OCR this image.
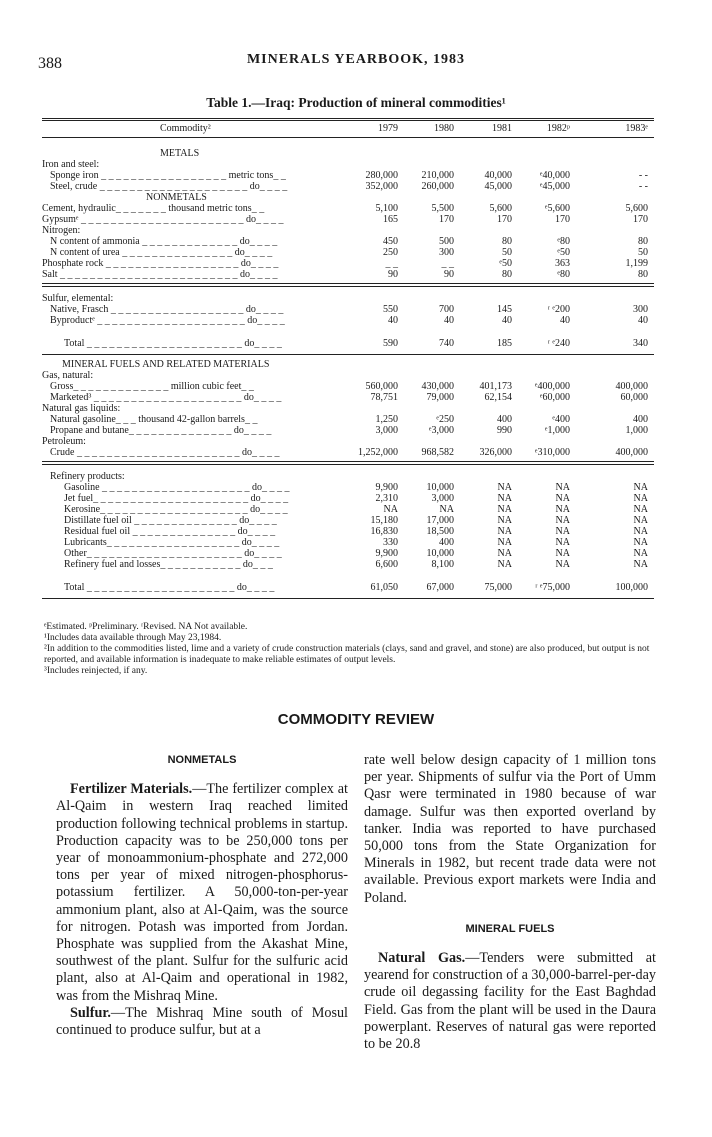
388	MINERALS YEARBOOK, 1983
Table 1.—Iraq: Production of mineral commodities¹
Commodity²	1979	1980	1981	1982ᵖ	1983ᵉ
METALS
Iron and steel:
Sponge iron _ _ _ _ _ _ _ _ _ _ _ _ _ _ _ _ _ metric tons_ _	280,000	210,000	40,000	ᵉ40,000	- -
Steel, crude _ _ _ _ _ _ _ _ _ _ _ _ _ _ _ _ _ _ _ _ do_ _ _ _	352,000	260,000	45,000	ᵉ45,000	- -
NONMETALS
Cement, hydraulic_ _ _ _ _ _ _ thousand metric tons_ _	5,100	5,500	5,600	ᵉ5,600	5,600
Gypsumᵉ _ _ _ _ _ _ _ _ _ _ _ _ _ _ _ _ _ _ _ _ _ _ do_ _ _ _	165	170	170	170	170
Nitrogen:
N content of ammonia _ _ _ _ _ _ _ _ _ _ _ _ _ do_ _ _ _	450	500	80	ᵉ80	80
N content of urea _ _ _ _ _ _ _ _ _ _ _ _ _ _ _ do_ _ _ _	250	300	50	ᵉ50	50
Phosphate rock _ _ _ _ _ _ _ _ _ _ _ _ _ _ _ _ _ _ do_ _ _ _	_ _	_ _	ᵉ50	363	1,199
Salt _ _ _ _ _ _ _ _ _ _ _ _ _ _ _ _ _ _ _ _ _ _ _ _ do_ _ _ _	90	90	80	ᵉ80	80
Sulfur, elemental:
Native, Frasch _ _ _ _ _ _ _ _ _ _ _ _ _ _ _ _ _ _ do_ _ _ _	550	700	145	ʳ ᵉ200	300
Byproductᵉ _ _ _ _ _ _ _ _ _ _ _ _ _ _ _ _ _ _ _ _ do_ _ _ _	40	40	40	40	40
Total _ _ _ _ _ _ _ _ _ _ _ _ _ _ _ _ _ _ _ _ _ do_ _ _ _	590	740	185	ʳ ᵉ240	340
MINERAL FUELS AND RELATED MATERIALS
Gas, natural:
Gross_ _ _ _ _ _ _ _ _ _ _ _ _ million cubic feet_ _	560,000	430,000	401,173	ᵉ400,000	400,000
Marketed³ _ _ _ _ _ _ _ _ _ _ _ _ _ _ _ _ _ _ _ _ do_ _ _ _	78,751	79,000	62,154	ᵉ60,000	60,000
Natural gas liquids:
Natural gasoline_ _ _ thousand 42-gallon barrels_ _	1,250	ᵉ250	400	ᵉ400	400
Propane and butane_ _ _ _ _ _ _ _ _ _ _ _ _ _ do_ _ _ _	3,000	ᵉ3,000	990	ᵉ1,000	1,000
Petroleum:
Crude _ _ _ _ _ _ _ _ _ _ _ _ _ _ _ _ _ _ _ _ _ _ do_ _ _ _	1,252,000	968,582	326,000	ᵉ310,000	400,000
Refinery products:
Gasoline _ _ _ _ _ _ _ _ _ _ _ _ _ _ _ _ _ _ _ _ do_ _ _ _	9,900	10,000	NA	NA	NA
Jet fuel_ _ _ _ _ _ _ _ _ _ _ _ _ _ _ _ _ _ _ _ _ do_ _ _ _	2,310	3,000	NA	NA	NA
Kerosine_ _ _ _ _ _ _ _ _ _ _ _ _ _ _ _ _ _ _ _ do_ _ _ _	NA	NA	NA	NA	NA
Distillate fuel oil _ _ _ _ _ _ _ _ _ _ _ _ _ _ do_ _ _ _	15,180	17,000	NA	NA	NA
Residual fuel oil _ _ _ _ _ _ _ _ _ _ _ _ _ _ do_ _ _ _	16,830	18,500	NA	NA	NA
Lubricants_ _ _ _ _ _ _ _ _ _ _ _ _ _ _ _ _ _ do_ _ _ _	330	400	NA	NA	NA
Other_ _ _ _ _ _ _ _ _ _ _ _ _ _ _ _ _ _ _ _ _ do_ _ _ _	9,900	10,000	NA	NA	NA
Refinery fuel and losses_ _ _ _ _ _ _ _ _ _ _ do_ _ _	6,600	8,100	NA	NA	NA
Total _ _ _ _ _ _ _ _ _ _ _ _ _ _ _ _ _ _ _ _ do_ _ _ _	61,050	67,000	75,000	ʳ ᵉ75,000	100,000
ᵉEstimated. ᵖPreliminary. ʳRevised. NA Not available.
¹Includes data available through May 23,1984.
²In addition to the commodities listed, lime and a variety of crude construction materials (clays, sand and gravel, and stone) are also produced, but output is not reported, and available information is inadequate to make reliable estimates of output levels.
³Includes reinjected, if any.
COMMODITY REVIEW
NONMETALS

Fertilizer Materials.—The fertilizer complex at Al-Qaim in western Iraq reached limited production following technical problems in startup. Production capacity was to be 250,000 tons per year of monoammonium-phosphate and 272,000 tons per year of mixed nitrogen-phosphorus-potassium fertilizer. A 50,000-ton-per-year ammonium plant, also at Al-Qaim, was the source for nitrogen. Potash was imported from Jordan. Phosphate was supplied from the Akashat Mine, southwest of the plant. Sulfur for the sulfuric acid plant, also at Al-Qaim and operational in 1982, was from the Mishraq Mine.

Sulfur.—The Mishraq Mine south of Mosul continued to produce sulfur, but at a

rate well below design capacity of 1 million tons per year. Shipments of sulfur via the Port of Umm Qasr were terminated in 1980 because of war damage. Sulfur was then exported overland by tanker. India was reported to have purchased 50,000 tons from the State Organization for Minerals in 1982, but recent trade data were not available. Previous export markets were India and Poland.

MINERAL FUELS

Natural Gas.—Tenders were submitted at yearend for construction of a 30,000-barrel-per-day crude oil degassing facility for the East Baghdad Field. Gas from the plant will be used in the Daura powerplant. Reserves of natural gas were reported to be 20.8
